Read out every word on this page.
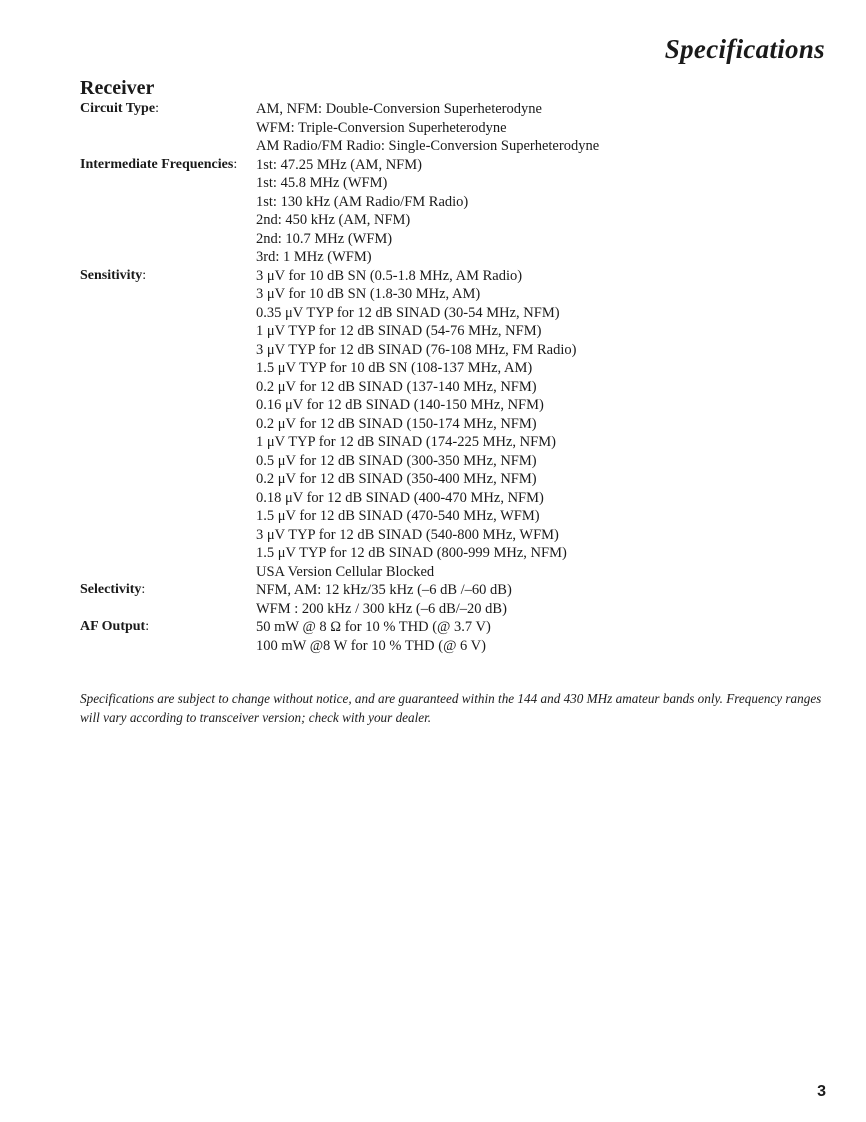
Specifications
Receiver
Circuit Type:	AM, NFM: Double-Conversion Superheterodyne
WFM: Triple-Conversion Superheterodyne
AM Radio/FM Radio: Single-Conversion Superheterodyne
Intermediate Frequencies:	1st: 47.25 MHz (AM, NFM)
1st: 45.8 MHz (WFM)
1st: 130 kHz (AM Radio/FM Radio)
2nd: 450 kHz (AM, NFM)
2nd: 10.7 MHz (WFM)
3rd: 1 MHz (WFM)
Sensitivity:	3 μV for 10 dB SN (0.5-1.8 MHz, AM Radio)
3 μV for 10 dB SN (1.8-30 MHz, AM)
0.35 μV TYP for 12 dB SINAD (30-54 MHz, NFM)
1 μV TYP for 12 dB SINAD (54-76 MHz, NFM)
3 μV TYP for 12 dB SINAD (76-108 MHz, FM Radio)
1.5 μV TYP for 10 dB SN (108-137 MHz, AM)
0.2 μV for 12 dB SINAD (137-140 MHz, NFM)
0.16 μV for 12 dB SINAD (140-150 MHz, NFM)
0.2 μV for 12 dB SINAD (150-174 MHz, NFM)
1 μV TYP for 12 dB SINAD (174-225 MHz, NFM)
0.5 μV for 12 dB SINAD (300-350 MHz, NFM)
0.2 μV for 12 dB SINAD (350-400 MHz, NFM)
0.18 μV for 12 dB SINAD (400-470 MHz, NFM)
1.5 μV for 12 dB SINAD (470-540 MHz, WFM)
3 μV TYP for 12 dB SINAD (540-800 MHz, WFM)
1.5 μV TYP for 12 dB SINAD (800-999 MHz, NFM)
USA Version Cellular Blocked
Selectivity:	NFM, AM: 12 kHz/35 kHz (–6 dB /–60 dB)
WFM : 200 kHz / 300 kHz (–6 dB/–20 dB)
AF Output:	50 mW @ 8 Ω for 10 % THD (@ 3.7 V)
100 mW @8 W for 10 % THD (@ 6 V)
Specifications are subject to change without notice, and are guaranteed within the 144 and 430 MHz amateur bands only. Frequency ranges will vary according to transceiver version; check with your dealer.
3
